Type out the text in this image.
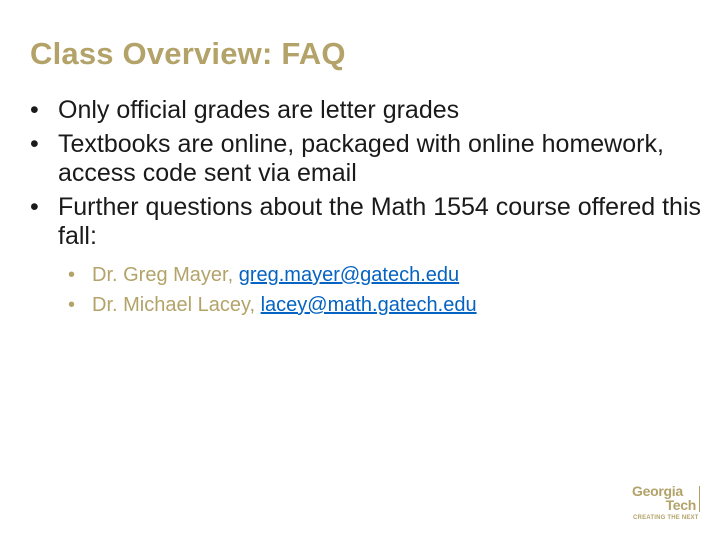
Class Overview: FAQ
• Only official grades are letter grades
• Textbooks are online, packaged with online homework, access code sent via email
• Further questions about the Math 1554 course offered this fall:
• Dr. Greg Mayer, greg.mayer@gatech.edu
• Dr. Michael Lacey, lacey@math.gatech.edu
Georgia
Tech
CREATING THE NEXT
